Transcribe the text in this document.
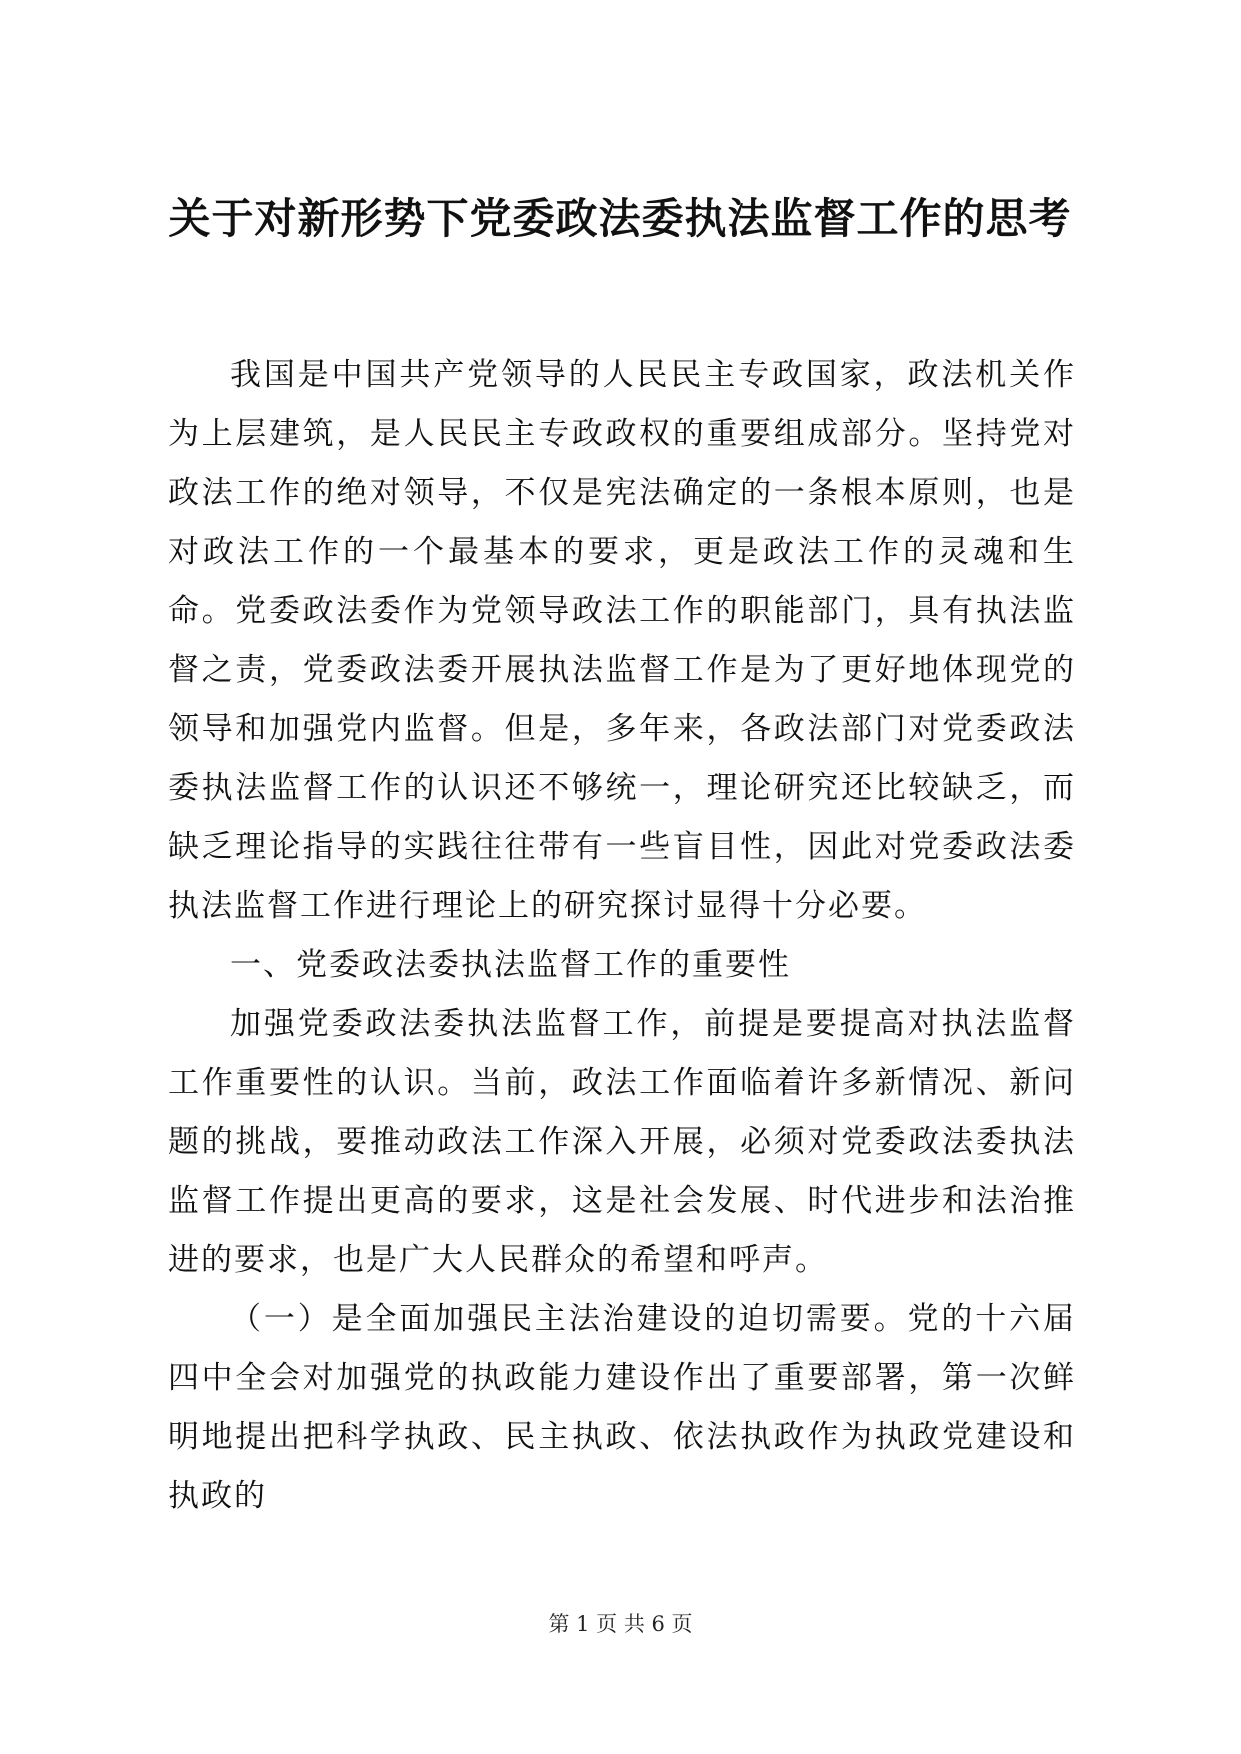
关于对新形势下党委政法委执法监督工作的思考

我国是中国共产党领导的人民民主专政国家，政法机关作为上层建筑，是人民民主专政政权的重要组成部分。坚持党对政法工作的绝对领导，不仅是宪法确定的一条根本原则，也是对政法工作的一个最基本的要求，更是政法工作的灵魂和生命。党委政法委作为党领导政法工作的职能部门，具有执法监督之责，党委政法委开展执法监督工作是为了更好地体现党的领导和加强党内监督。但是，多年来，各政法部门对党委政法委执法监督工作的认识还不够统一，理论研究还比较缺乏，而缺乏理论指导的实践往往带有一些盲目性，因此对党委政法委执法监督工作进行理论上的研究探讨显得十分必要。

一、党委政法委执法监督工作的重要性

加强党委政法委执法监督工作，前提是要提高对执法监督工作重要性的认识。当前，政法工作面临着许多新情况、新问题的挑战，要推动政法工作深入开展，必须对党委政法委执法监督工作提出更高的要求，这是社会发展、时代进步和法治推进的要求，也是广大人民群众的希望和呼声。

（一）是全面加强民主法治建设的迫切需要。党的十六届四中全会对加强党的执政能力建设作出了重要部署，第一次鲜明地提出把科学执政、民主执政、依法执政作为执政党建设和执政的

第 1 页 共 6 页
